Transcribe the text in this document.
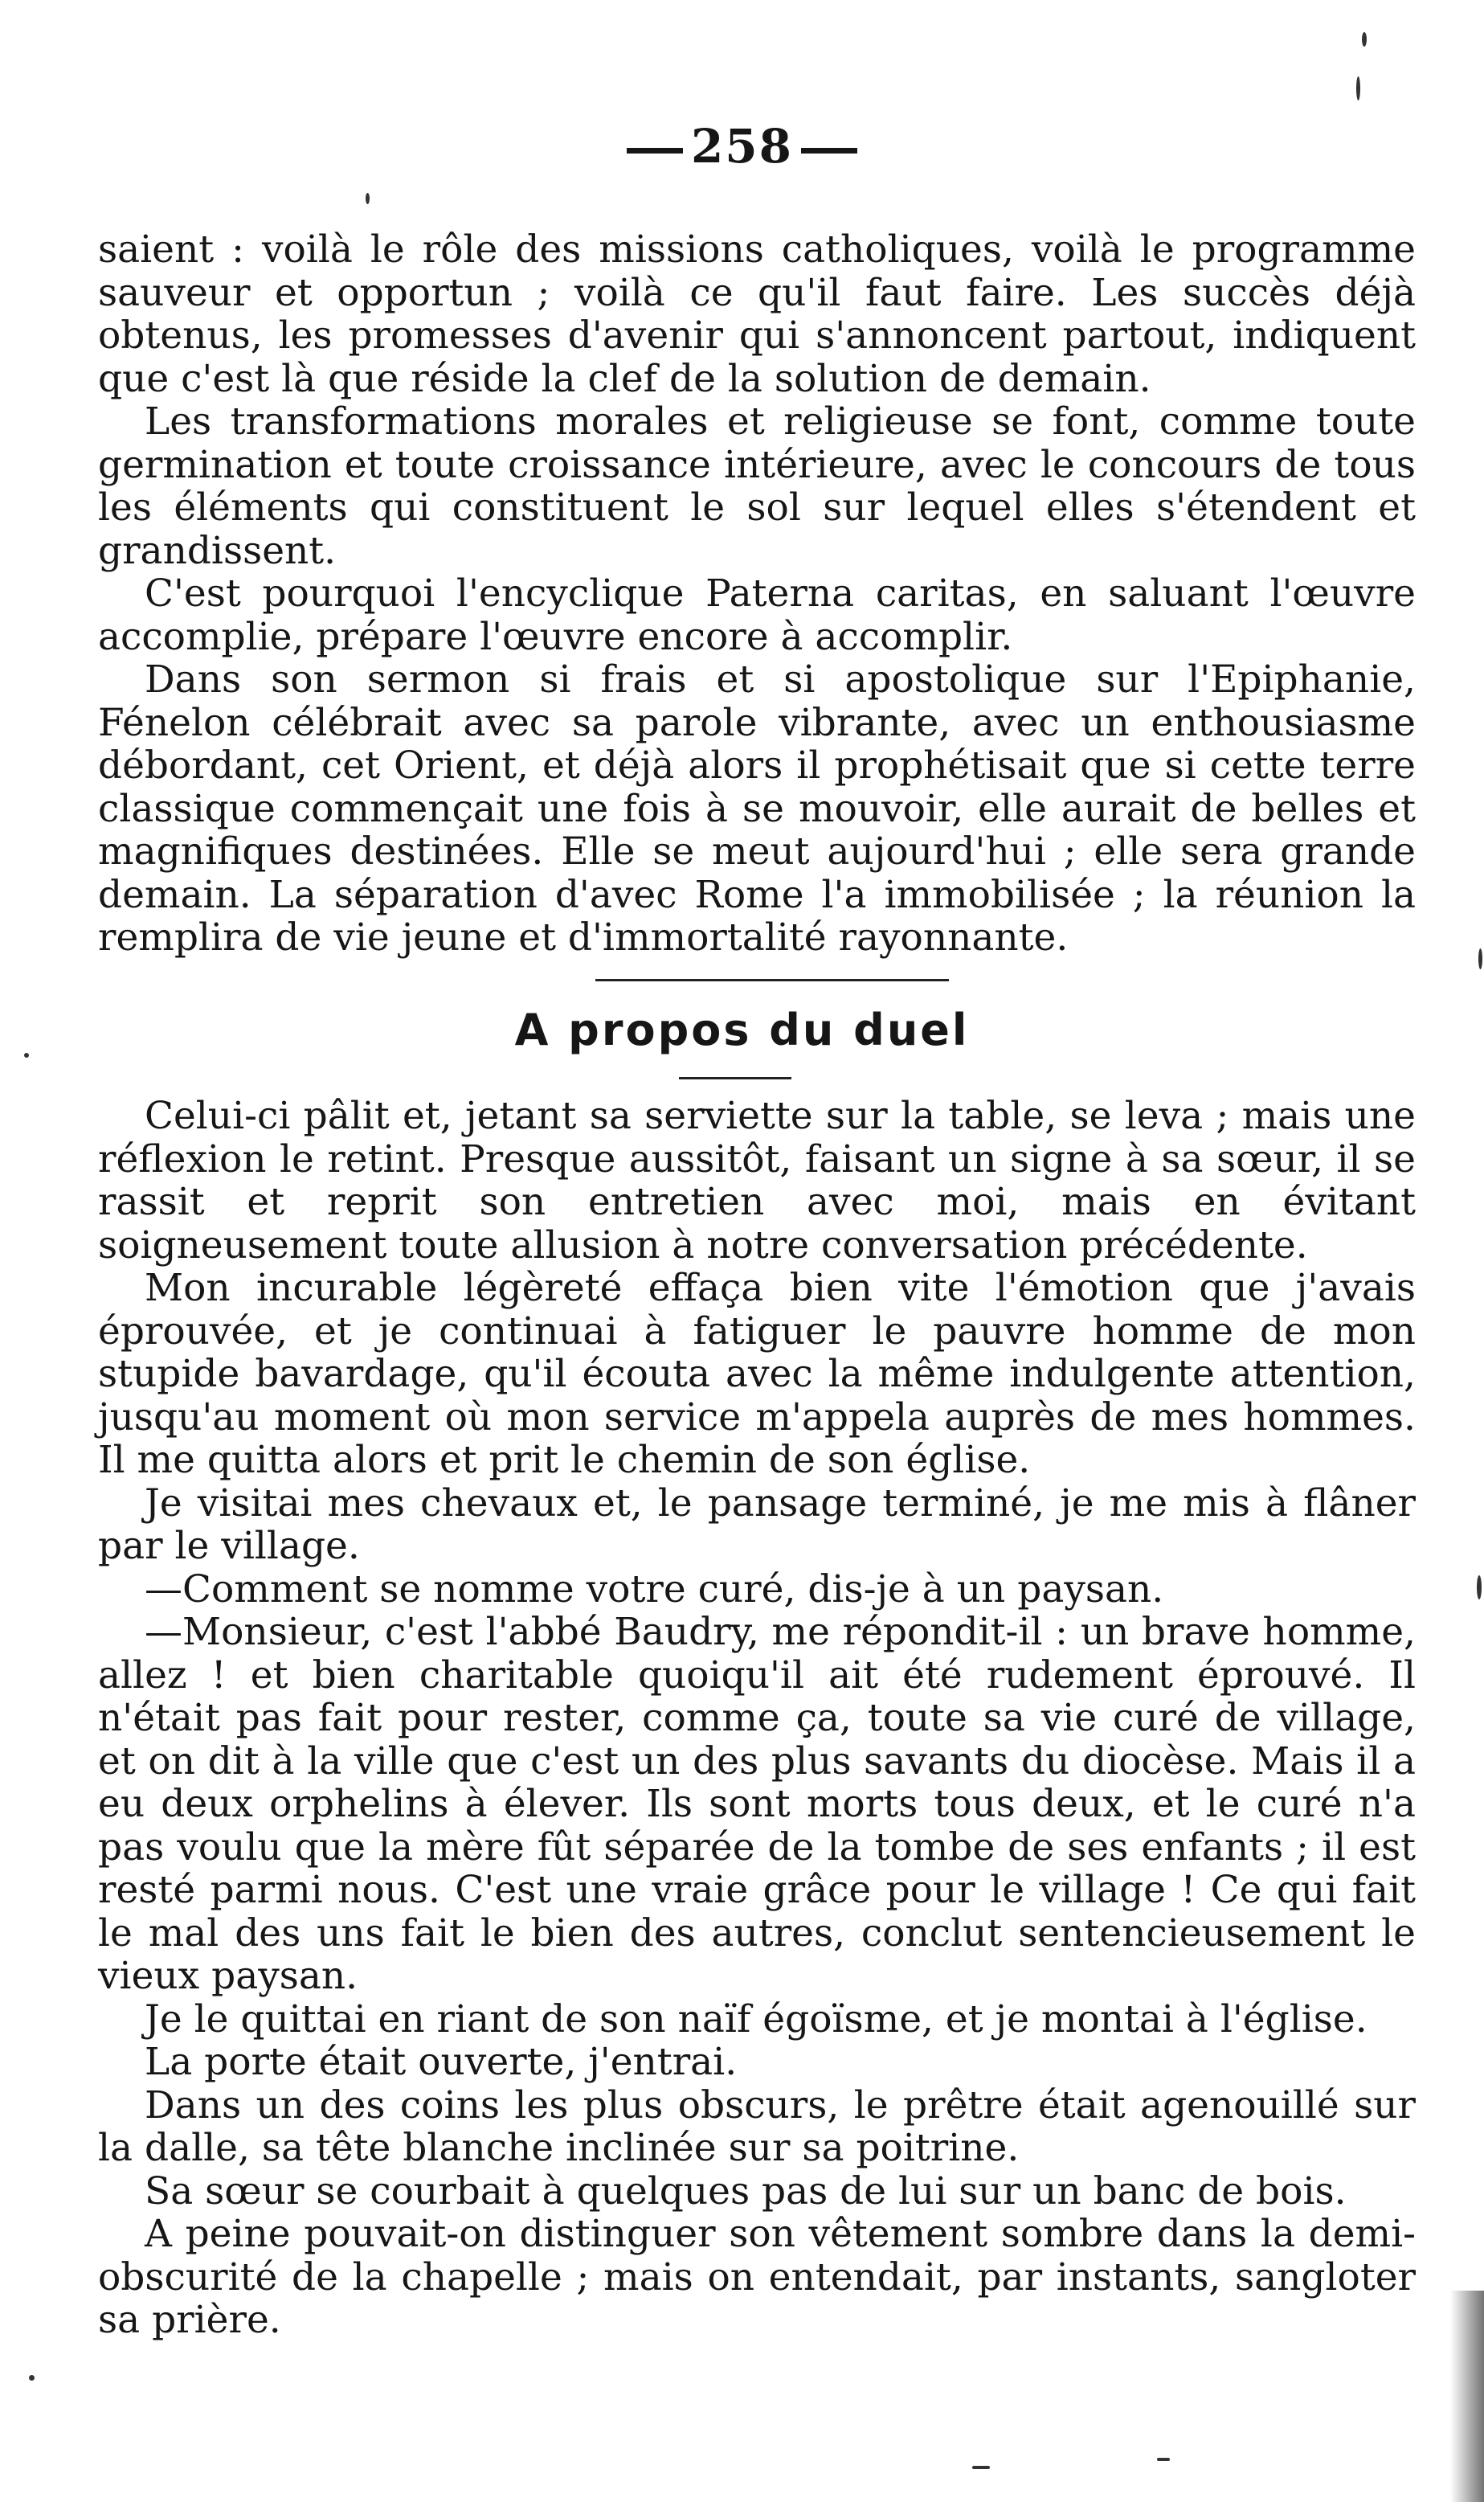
258

saient : voilà le rôle des missions catholiques, voilà le programme sauveur et opportun ; voilà ce qu'il faut faire. Les succès déjà obtenus, les promesses d'avenir qui s'annoncent partout, indiquent que c'est là que réside la clef de la solution de demain.

Les transformations morales et religieuse se font, comme toute germination et toute croissance intérieure, avec le concours de tous les éléments qui constituent le sol sur lequel elles s'étendent et grandissent.

C'est pourquoi l'encyclique Paterna caritas, en saluant l'œuvre accomplie, prépare l'œuvre encore à accomplir.

Dans son sermon si frais et si apostolique sur l'Epiphanie, Fénelon célébrait avec sa parole vibrante, avec un enthousiasme débordant, cet Orient, et déjà alors il prophétisait que si cette terre classique commençait une fois à se mouvoir, elle aurait de belles et magnifiques destinées. Elle se meut aujourd'hui ; elle sera grande demain. La séparation d'avec Rome l'a immobilisée ; la réunion la remplira de vie jeune et d'immortalité rayonnante.

A propos du duel

Celui-ci pâlit et, jetant sa serviette sur la table, se leva ; mais une réflexion le retint. Presque aussitôt, faisant un signe à sa sœur, il se rassit et reprit son entretien avec moi, mais en évitant soigneusement toute allusion à notre conversation précédente.

Mon incurable légèreté effaça bien vite l'émotion que j'avais éprouvée, et je continuai à fatiguer le pauvre homme de mon stupide bavardage, qu'il écouta avec la même indulgente attention, jusqu'au moment où mon service m'appela auprès de mes hommes. Il me quitta alors et prit le chemin de son église.

Je visitai mes chevaux et, le pansage terminé, je me mis à flâner par le village.

—Comment se nomme votre curé, dis-je à un paysan.

—Monsieur, c'est l'abbé Baudry, me répondit-il : un brave homme, allez ! et bien charitable quoiqu'il ait été rudement éprouvé. Il n'était pas fait pour rester, comme ça, toute sa vie curé de village, et on dit à la ville que c'est un des plus savants du diocèse. Mais il a eu deux orphelins à élever. Ils sont morts tous deux, et le curé n'a pas voulu que la mère fût séparée de la tombe de ses enfants ; il est resté parmi nous. C'est une vraie grâce pour le village ! Ce qui fait le mal des uns fait le bien des autres, conclut sentencieusement le vieux paysan.

Je le quittai en riant de son naïf égoïsme, et je montai à l'église.

La porte était ouverte, j'entrai.

Dans un des coins les plus obscurs, le prêtre était agenouillé sur la dalle, sa tête blanche inclinée sur sa poitrine.

Sa sœur se courbait à quelques pas de lui sur un banc de bois.

A peine pouvait-on distinguer son vêtement sombre dans la demi-obscurité de la chapelle ; mais on entendait, par instants, sangloter sa prière.
